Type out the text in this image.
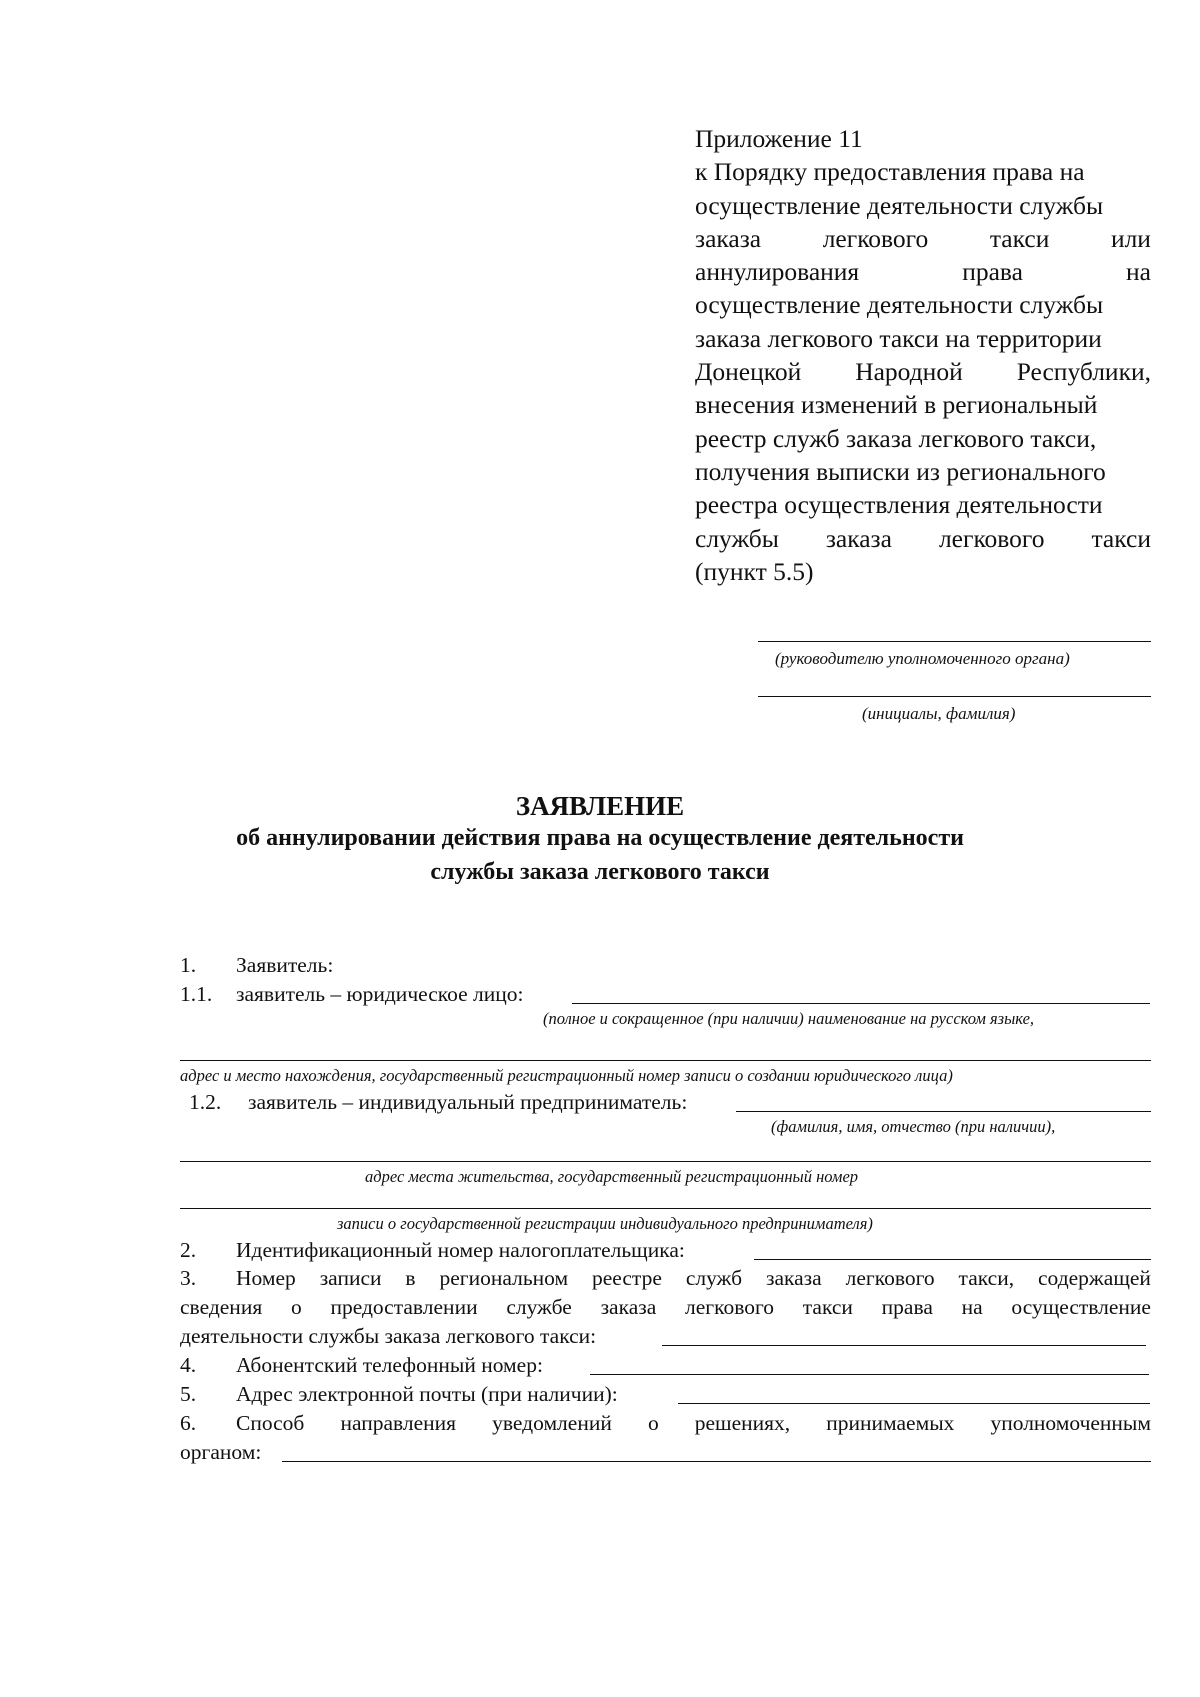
Приложение 11
к Порядку предоставления права на
осуществление деятельности службы
заказа легкового такси или
аннулирования	права	на
осуществление деятельности службы
заказа легкового такси на территории
Донецкой Народной Республики,
внесения изменений в региональный
реестр служб заказа легкового такси,
получения выписки из регионального
реестра осуществления деятельности
службы заказа легкового такси
(пункт 5.5)
(руководителю уполномоченного органа)
(инициалы, фамилия)
ЗАЯВЛЕНИЕ
об аннулировании действия права на осуществление деятельности
службы заказа легкового такси
1. Заявитель:
1.1. заявитель – юридическое лицо:
(полное и сокращенное (при наличии) наименование на русском языке,
адрес и место нахождения, государственный регистрационный номер записи о создании юридического лица)
1.2. заявитель – индивидуальный предприниматель:
(фамилия, имя, отчество (при наличии),
адрес места жительства, государственный регистрационный номер
записи о государственной регистрации индивидуального предпринимателя)
2. Идентификационный номер налогоплательщика:
3.	Номер записи в региональном реестре служб заказа легкового такси, содержащей
сведения о предоставлении службе заказа легкового такси права на осуществление
деятельности службы заказа легкового такси:
4. Абонентский телефонный номер:
5. Адрес электронной почты (при наличии):
6.	Способ направления уведомлений о решениях, принимаемых уполномоченным
органом:
